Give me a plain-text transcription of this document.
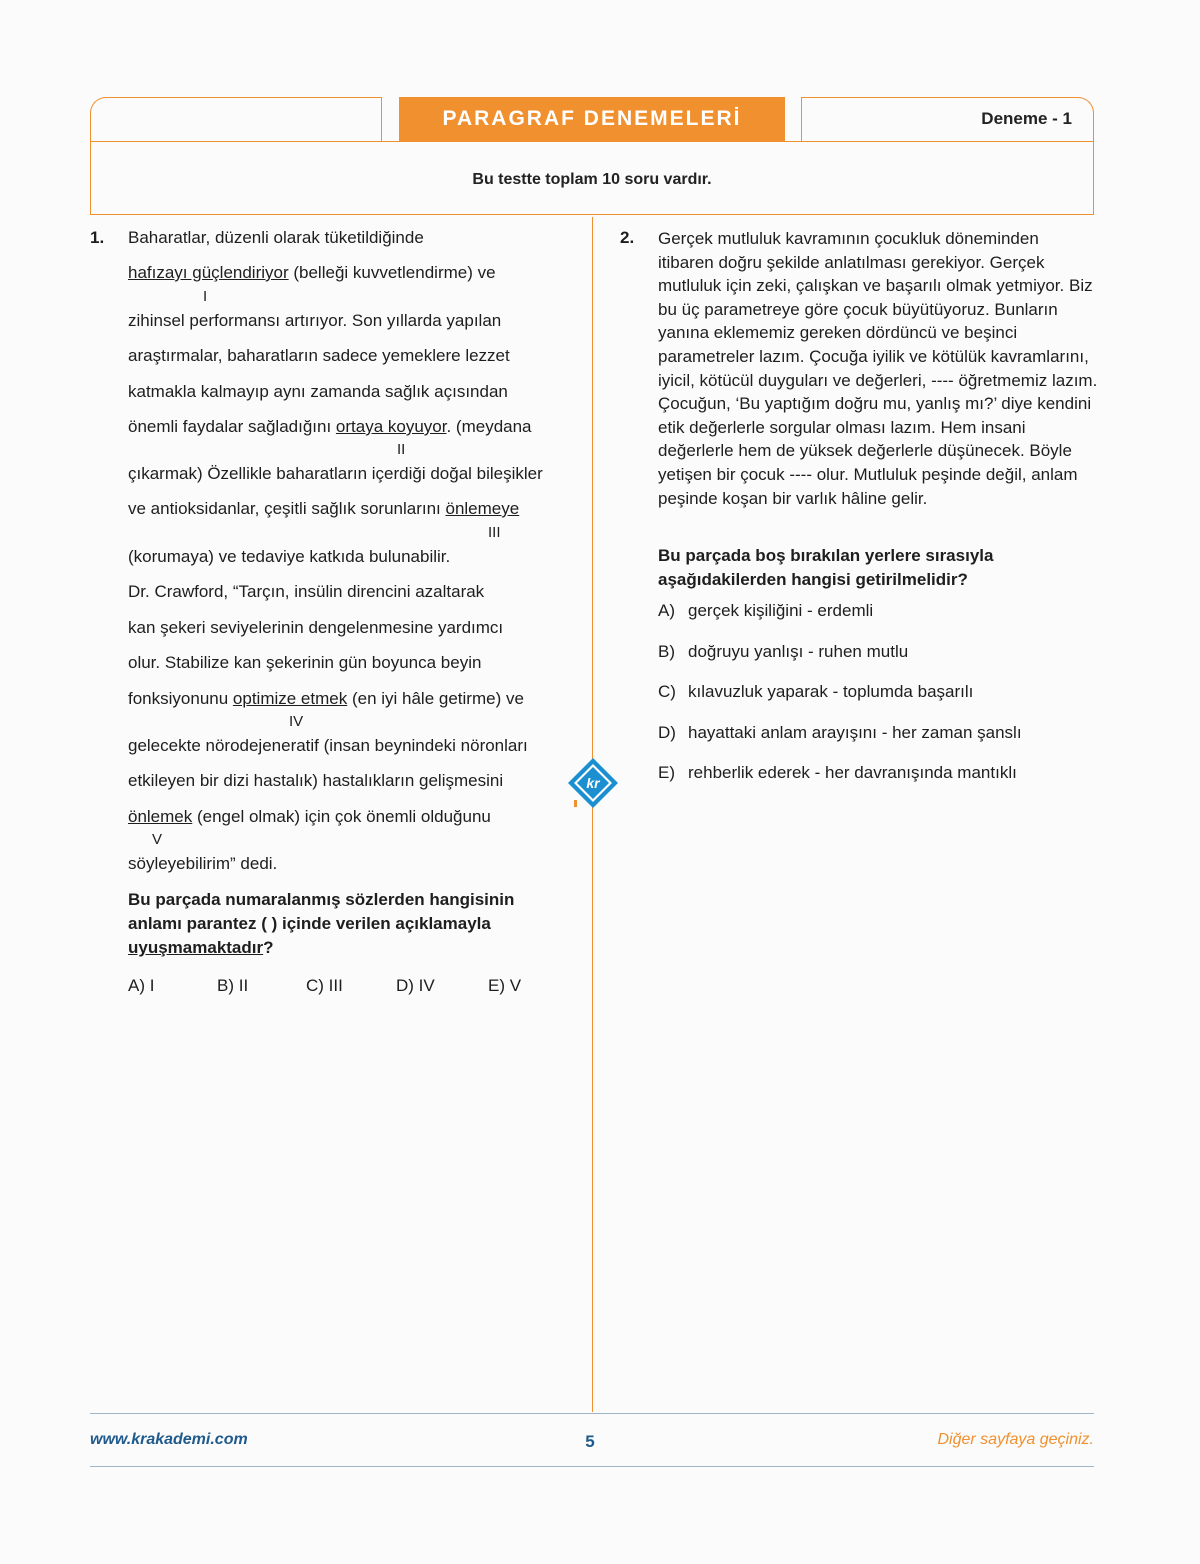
PARAGRAF DENEMELERİ	Deneme - 1
Bu testte toplam 10 soru vardır.
1. Baharatlar, düzenli olarak tüketildiğinde
hafızayı güçlendiriyor (belleği kuvvetlendirme) ve
I
zihinsel performansı artırıyor. Son yıllarda yapılan
araştırmalar, baharatların sadece yemeklere lezzet
katmakla kalmayıp aynı zamanda sağlık açısından
önemli faydalar sağladığını ortaya koyuyor. (meydana
II
çıkarmak) Özellikle baharatların içerdiği doğal bileşikler
ve antioksidanlar, çeşitli sağlık sorunlarını önlemeye
III
(korumaya) ve tedaviye katkıda bulunabilir.
Dr. Crawford, “Tarçın, insülin direncini azaltarak
kan şekeri seviyelerinin dengelenmesine yardımcı
olur. Stabilize kan şekerinin gün boyunca beyin
fonksiyonunu optimize etmek (en iyi hâle getirme) ve
IV
gelecekte nörodejeneratif (insan beynindeki nöronları
etkileyen bir dizi hastalık) hastalıkların gelişmesini
önlemek (engel olmak) için çok önemli olduğunu
V
söyleyebilirim” dedi.
Bu parçada numaralanmış sözlerden hangisinin anlamı parantez ( ) içinde verilen açıklamayla uyuşmamaktadır?
A) I	B) II	C) III	D) IV	E) V
kr
2. Gerçek mutluluk kavramının çocukluk döneminden itibaren doğru şekilde anlatılması gerekiyor. Gerçek mutluluk için zeki, çalışkan ve başarılı olmak yetmiyor. Biz bu üç parametreye göre çocuk büyütüyoruz. Bunların yanına eklememiz gereken dördüncü ve beşinci parametreler lazım. Çocuğa iyilik ve kötülük kavramlarını, iyicil, kötücül duyguları ve değerleri, ---- öğretmemiz lazım. Çocuğun, ‘Bu yaptığım doğru mu, yanlış mı?’ diye kendini etik değerlerle sorgular olması lazım. Hem insani değerlerle hem de yüksek değerlerle düşünecek. Böyle yetişen bir çocuk ---- olur. Mutluluk peşinde değil, anlam peşinde koşan bir varlık hâline gelir.
Bu parçada boş bırakılan yerlere sırasıyla aşağıdakilerden hangisi getirilmelidir?
A) gerçek kişiliğini - erdemli
B) doğruyu yanlışı - ruhen mutlu
C) kılavuzluk yaparak - toplumda başarılı
D) hayattaki anlam arayışını - her zaman şanslı
E) rehberlik ederek - her davranışında mantıklı
www.krakademi.com	5	Diğer sayfaya geçiniz.
